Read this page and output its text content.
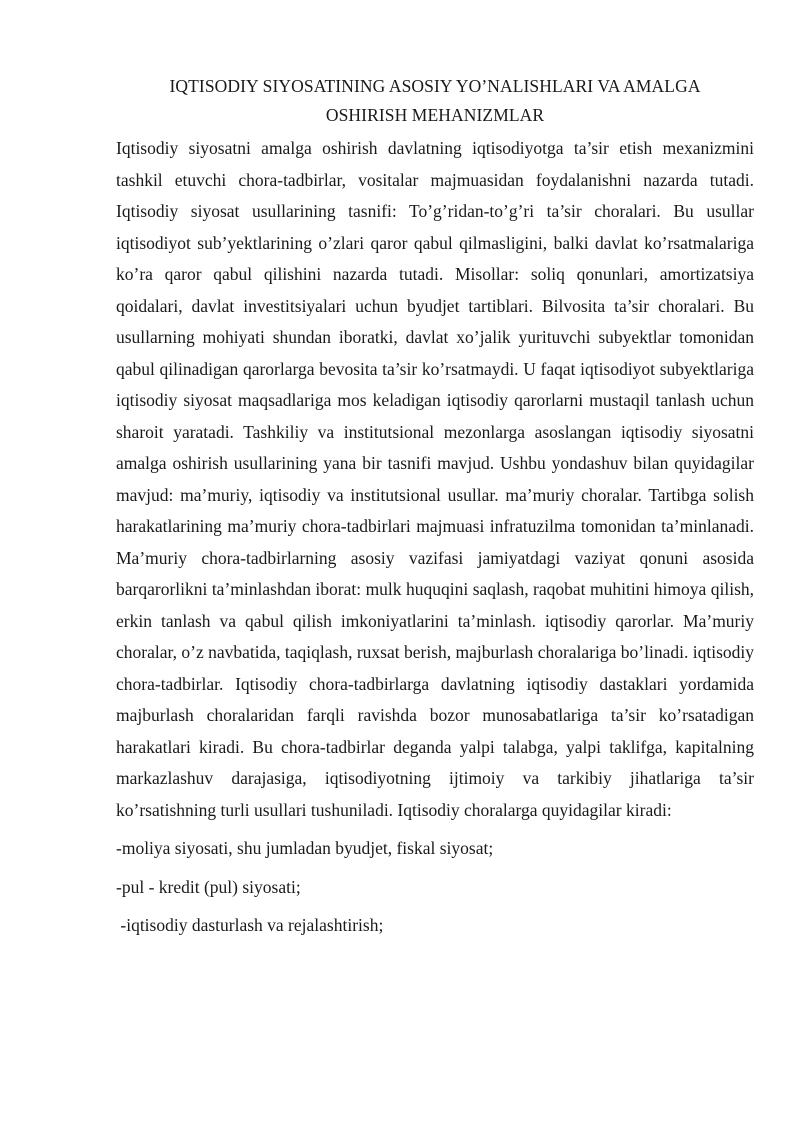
IQTISODIY SIYOSATINING ASOSIY YO’NALISHLARI VA AMALGA
OSHIRISH MEHANIZMLAR

Iqtisodiy siyosatni amalga oshirish davlatning iqtisodiyotga ta’sir etish mexanizmini tashkil etuvchi chora-tadbirlar, vositalar majmuasidan foydalanishni nazarda tutadi. Iqtisodiy siyosat usullarining tasnifi: To’g’ridan-to’g’ri ta’sir choralari. Bu usullar iqtisodiyot sub’yektlarining o’zlari qaror qabul qilmasligini, balki davlat ko’rsatmalariga ko’ra qaror qabul qilishini nazarda tutadi. Misollar: soliq qonunlari, amortizatsiya qoidalari, davlat investitsiyalari uchun byudjet tartiblari. Bilvosita ta’sir choralari. Bu usullarning mohiyati shundan iboratki, davlat xo’jalik yurituvchi subyektlar tomonidan qabul qilinadigan qarorlarga bevosita ta’sir ko’rsatmaydi. U faqat iqtisodiyot subyektlariga iqtisodiy siyosat maqsadlariga mos keladigan iqtisodiy qarorlarni mustaqil tanlash uchun sharoit yaratadi. Tashkiliy va institutsional mezonlarga asoslangan iqtisodiy siyosatni amalga oshirish usullarining yana bir tasnifi mavjud. Ushbu yondashuv bilan quyidagilar mavjud: ma’muriy, iqtisodiy va institutsional usullar. ma’muriy choralar. Tartibga solish harakatlarining ma’muriy chora-tadbirlari majmuasi infratuzilma tomonidan ta’minlanadi. Ma’muriy chora-tadbirlarning asosiy vazifasi jamiyatdagi vaziyat qonuni asosida barqarorlikni ta’minlashdan iborat: mulk huquqini saqlash, raqobat muhitini himoya qilish, erkin tanlash va qabul qilish imkoniyatlarini ta’minlash. iqtisodiy qarorlar. Ma’muriy choralar, o’z navbatida, taqiqlash, ruxsat berish, majburlash choralariga bo’linadi. iqtisodiy chora-tadbirlar. Iqtisodiy chora-tadbirlarga davlatning iqtisodiy dastaklari yordamida majburlash choralaridan farqli ravishda bozor munosabatlariga ta’sir ko’rsatadigan harakatlari kiradi. Bu chora-tadbirlar deganda yalpi talabga, yalpi taklifga, kapitalning markazlashuv darajasiga, iqtisodiyotning ijtimoiy va tarkibiy jihatlariga ta’sir ko’rsatishning turli usullari tushuniladi. Iqtisodiy choralarga quyidagilar kiradi:

-moliya siyosati, shu jumladan byudjet, fiskal siyosat;
-pul - kredit (pul) siyosati;
-iqtisodiy dasturlash va rejalashtirish;
